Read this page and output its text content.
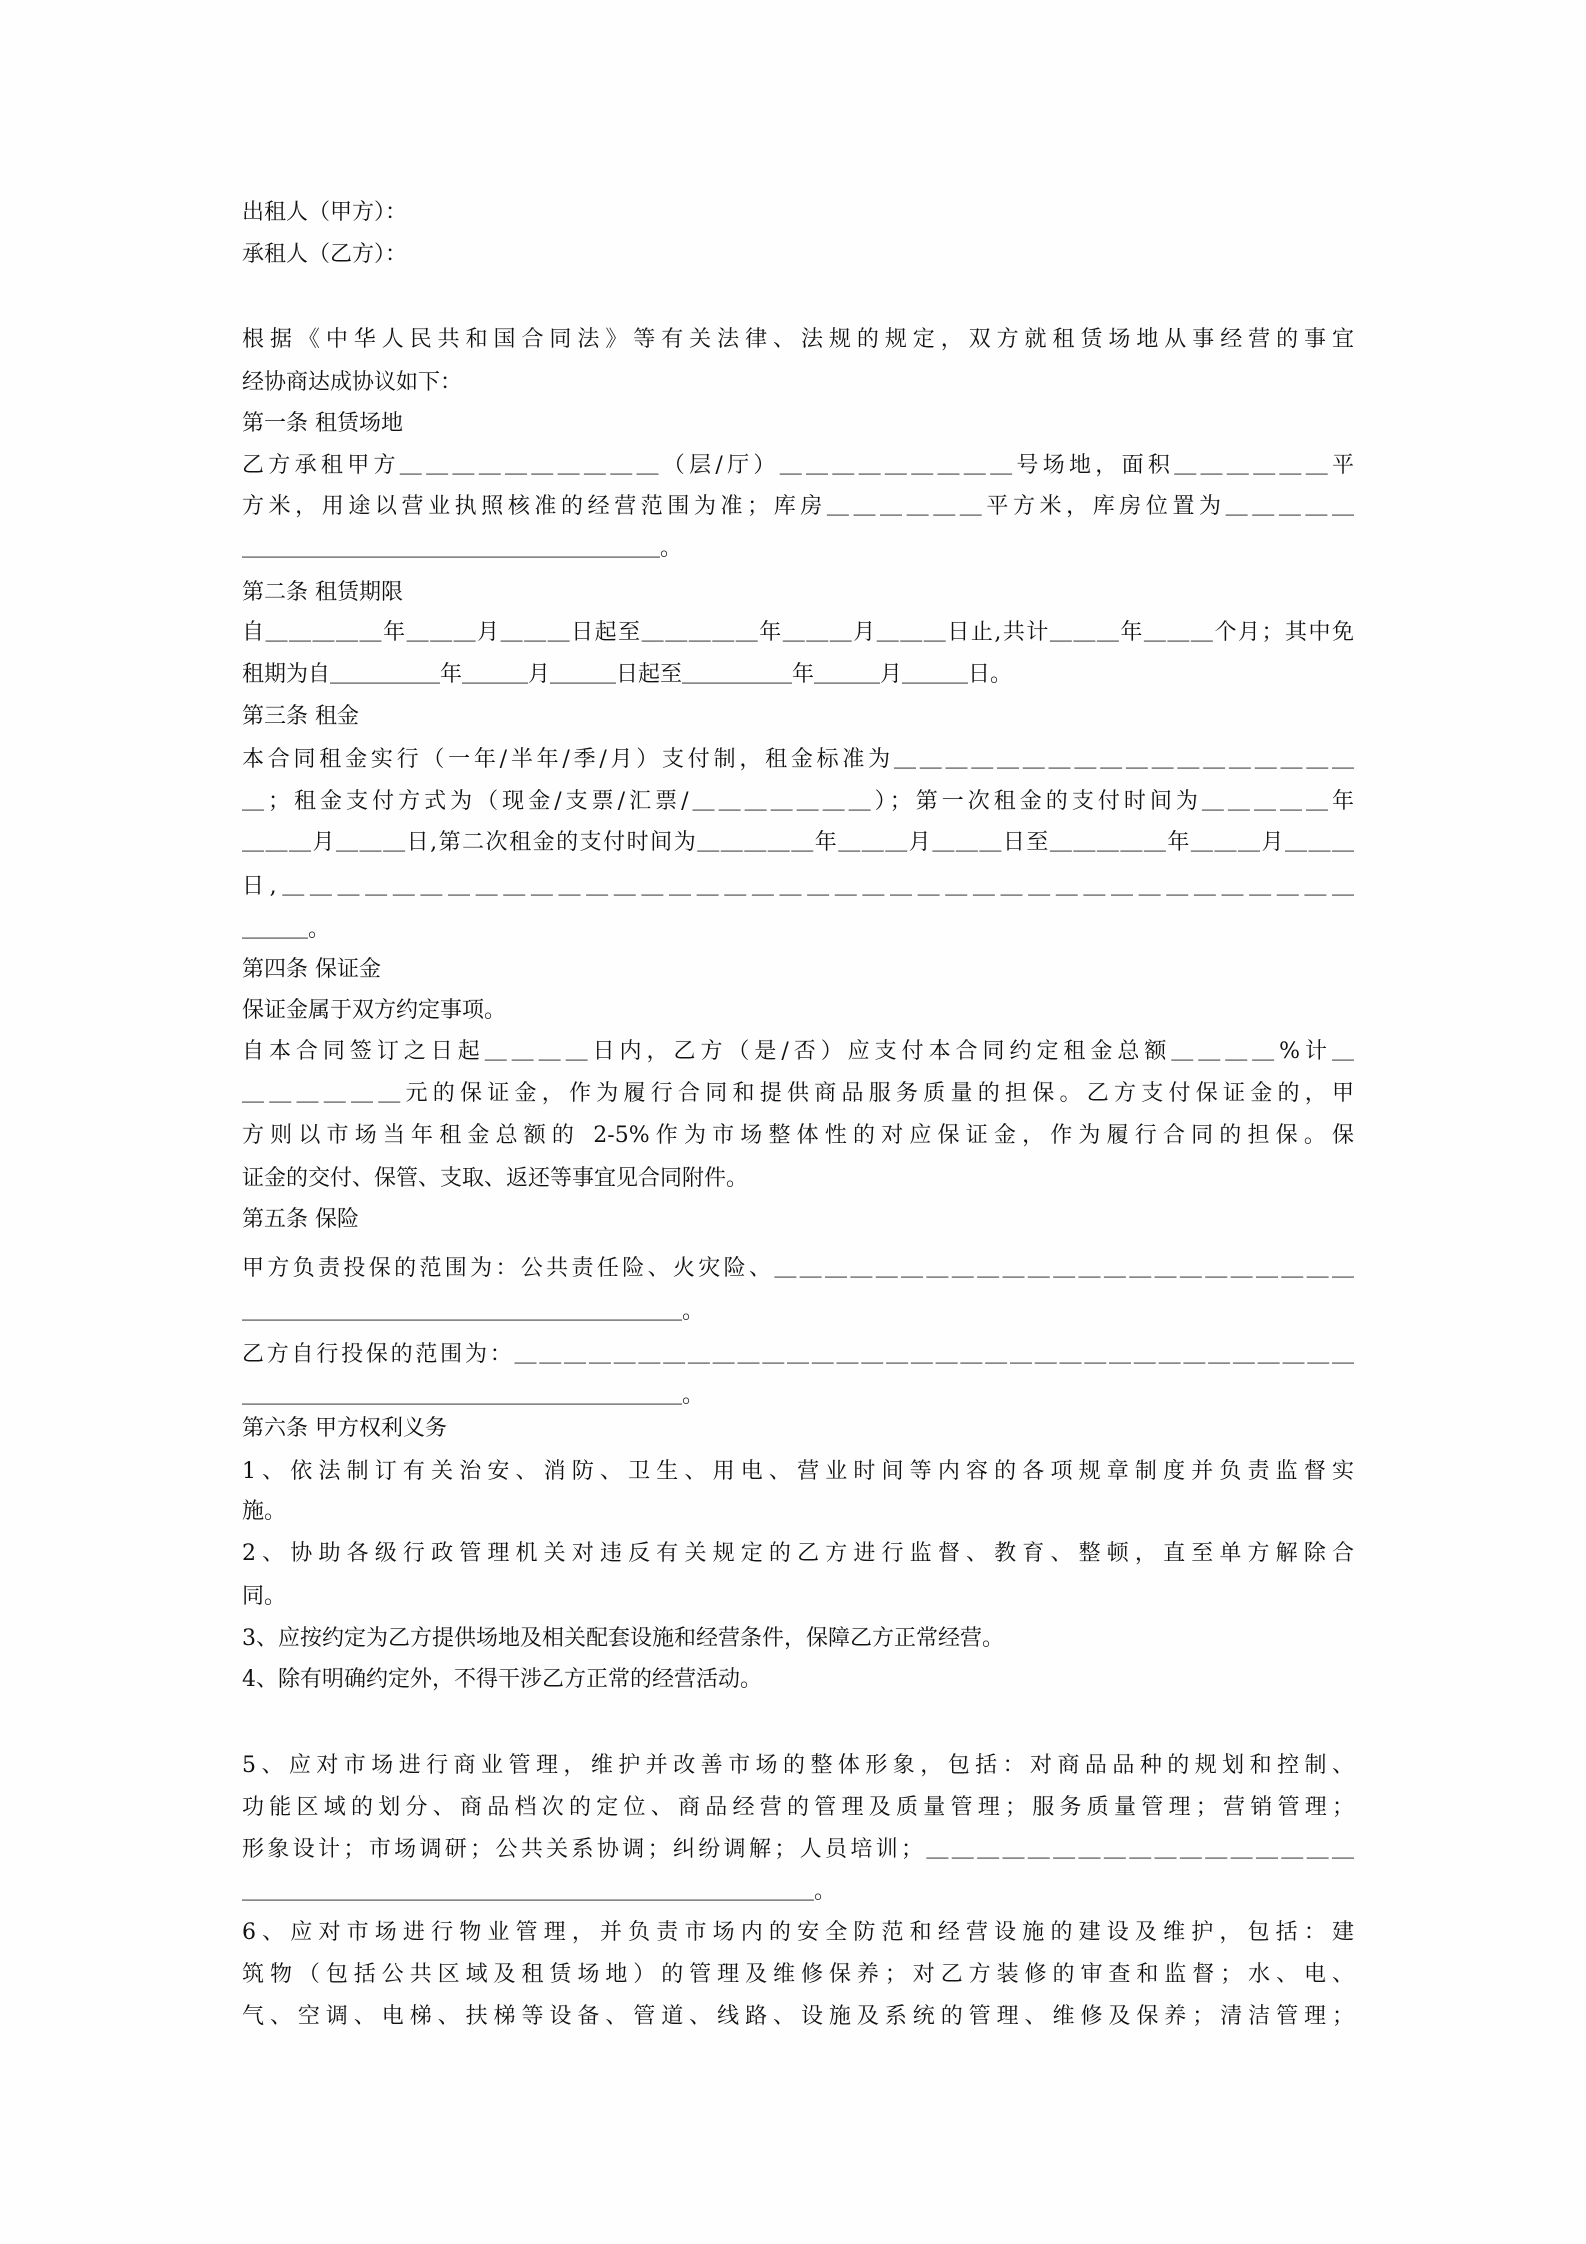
出租人（甲方）：
承租人（乙方）：
根据《中华人民共和国合同法》等有关法律、法规的规定，双方就租赁场地从事经营的事宜
经协商达成协议如下：
第一条 租赁场地
乙方承租甲方＿＿＿＿＿＿＿＿＿＿（层/厅）＿＿＿＿＿＿＿＿＿号场地，面积＿＿＿＿＿＿平
方米，用途以营业执照核准的经营范围为准；库房＿＿＿＿＿＿平方米，库房位置为＿＿＿＿＿
＿＿＿＿＿＿＿＿＿＿＿＿＿＿＿＿＿＿＿。
第二条 租赁期限
自＿＿＿＿＿年＿＿＿月＿＿＿日起至＿＿＿＿＿年＿＿＿月＿＿＿日止,共计＿＿＿年＿＿＿个月；其中免
租期为自＿＿＿＿＿年＿＿＿月＿＿＿日起至＿＿＿＿＿年＿＿＿月＿＿＿日。
第三条 租金
本合同租金实行（一年/半年/季/月）支付制，租金标准为＿＿＿＿＿＿＿＿＿＿＿＿＿＿＿＿＿＿
＿；租金支付方式为（现金/支票/汇票/＿＿＿＿＿＿＿）；第一次租金的支付时间为＿＿＿＿＿年
＿＿＿月＿＿＿日,第二次租金的支付时间为＿＿＿＿＿年＿＿＿月＿＿＿日至＿＿＿＿＿年＿＿＿月＿＿＿
日,＿＿＿＿＿＿＿＿＿＿＿＿＿＿＿＿＿＿＿＿＿＿＿＿＿＿＿＿＿＿＿＿＿＿＿＿＿＿＿
＿＿＿。
第四条 保证金
保证金属于双方约定事项。
自本合同签订之日起＿＿＿＿日内，乙方（是/否）应支付本合同约定租金总额＿＿＿＿%计＿
＿＿＿＿＿＿元的保证金，作为履行合同和提供商品服务质量的担保。乙方支付保证金的，甲
方则以市场当年租金总额的 2-5%作为市场整体性的对应保证金，作为履行合同的担保。保
证金的交付、保管、支取、返还等事宜见合同附件。
第五条 保险
甲方负责投保的范围为：公共责任险、火灾险、＿＿＿＿＿＿＿＿＿＿＿＿＿＿＿＿＿＿＿＿＿＿＿
＿＿＿＿＿＿＿＿＿＿＿＿＿＿＿＿＿＿＿＿。
乙方自行投保的范围为：＿＿＿＿＿＿＿＿＿＿＿＿＿＿＿＿＿＿＿＿＿＿＿＿＿＿＿＿＿＿＿＿＿＿
＿＿＿＿＿＿＿＿＿＿＿＿＿＿＿＿＿＿＿＿。
第六条 甲方权利义务
1、依法制订有关治安、消防、卫生、用电、营业时间等内容的各项规章制度并负责监督实
施。
2、协助各级行政管理机关对违反有关规定的乙方进行监督、教育、整顿，直至单方解除合
同。
3、应按约定为乙方提供场地及相关配套设施和经营条件，保障乙方正常经营。
4、除有明确约定外，不得干涉乙方正常的经营活动。
5、应对市场进行商业管理，维护并改善市场的整体形象，包括：对商品品种的规划和控制、
功能区域的划分、商品档次的定位、商品经营的管理及质量管理；服务质量管理；营销管理；
形象设计；市场调研；公共关系协调；纠纷调解；人员培训；＿＿＿＿＿＿＿＿＿＿＿＿＿＿＿＿＿
＿＿＿＿＿＿＿＿＿＿＿＿＿＿＿＿＿＿＿＿＿＿＿＿＿＿。
6、应对市场进行物业管理，并负责市场内的安全防范和经营设施的建设及维护，包括：建
筑物（包括公共区域及租赁场地）的管理及维修保养；对乙方装修的审查和监督；水、电、
气、空调、电梯、扶梯等设备、管道、线路、设施及系统的管理、维修及保养；清洁管理；
